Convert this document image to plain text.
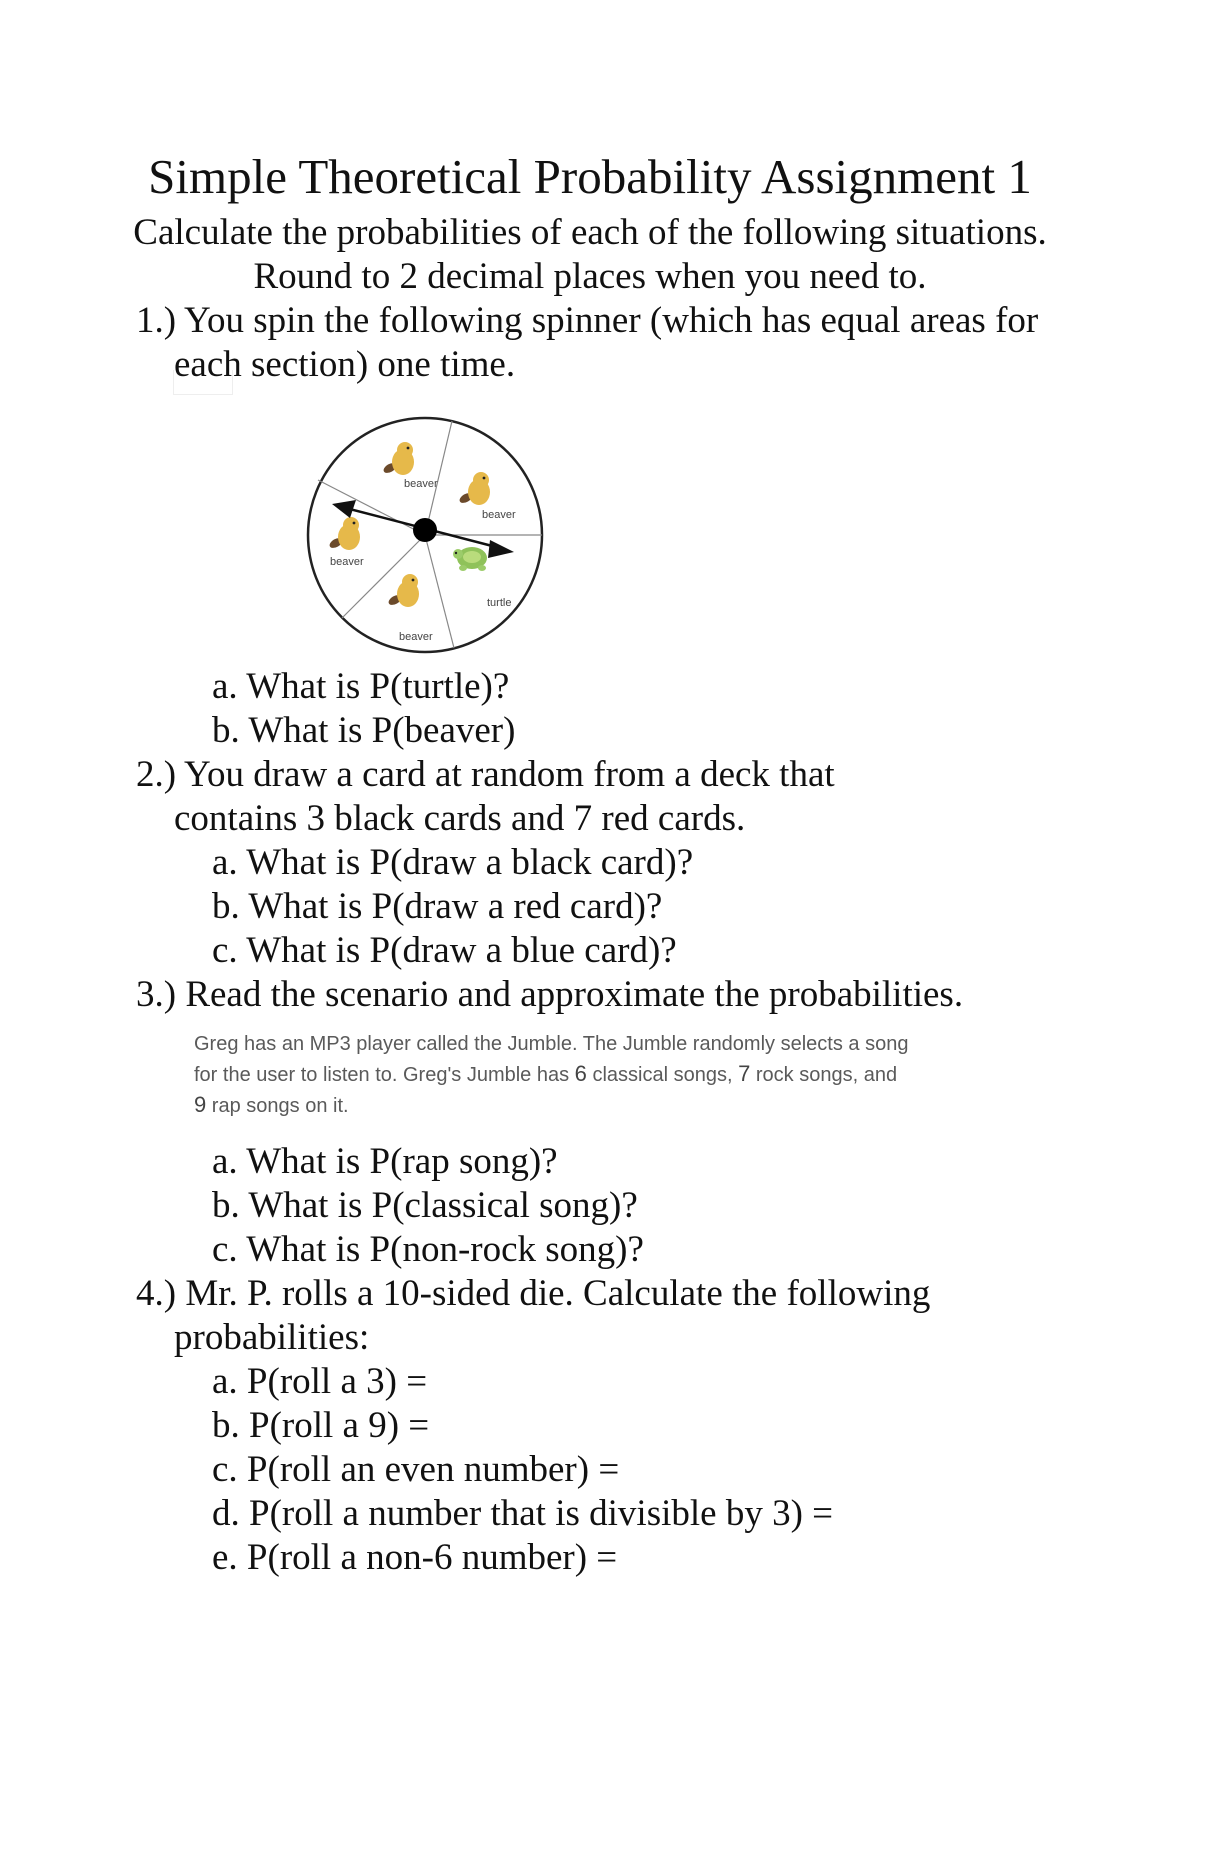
Simple Theoretical Probability Assignment 1
Calculate the probabilities of each of the following situations.
Round to 2 decimal places when you need to.
1.) You spin the following spinner (which has equal areas for
each section) one time.
beaver
beaver
turtle
beaver
beaver
a. What is P(turtle)?
b. What is P(beaver)
2.) You draw a card at random from a deck that
contains 3 black cards and 7 red cards.
a. What is P(draw a black card)?
b. What is P(draw a red card)?
c. What is P(draw a blue card)?
3.) Read the scenario and approximate the probabilities.
Greg has an MP3 player called the Jumble. The Jumble randomly selects a song for the user to listen to. Greg's Jumble has 6 classical songs, 7 rock songs, and 9 rap songs on it.
a. What is P(rap song)?
b. What is P(classical song)?
c. What is P(non-rock song)?
4.) Mr. P. rolls a 10-sided die. Calculate the following
probabilities:
a. P(roll a 3) =
b. P(roll a 9) =
c. P(roll an even number) =
d. P(roll a number that is divisible by 3) =
e. P(roll a non-6 number) =
